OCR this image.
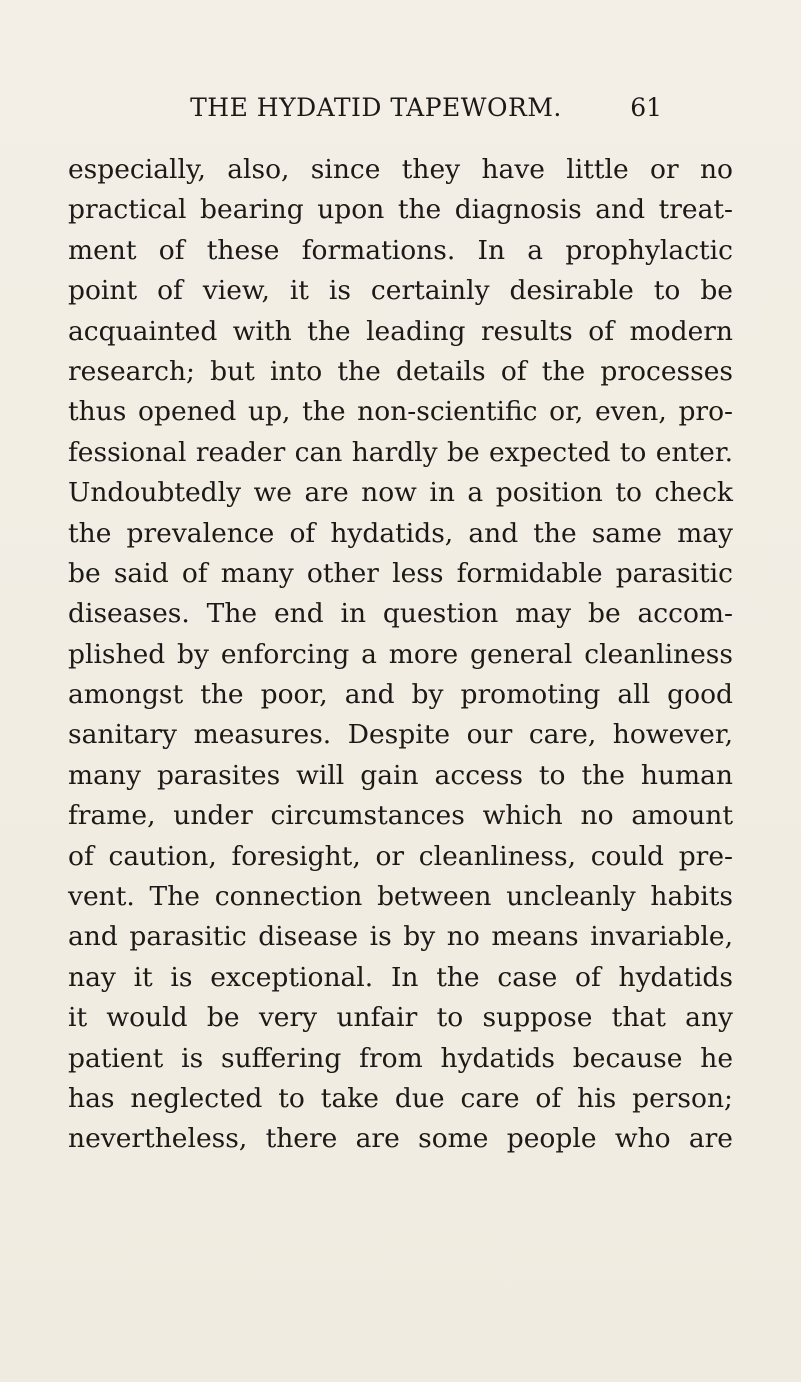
THE HYDATID TAPEWORM.	61
especially, also, since they have little or no
practical bearing upon the diagnosis and treat-
ment of these formations. In a prophylactic
point of view, it is certainly desirable to be
acquainted with the leading results of modern
research; but into the details of the processes
thus opened up, the non-scientific or, even, pro-
fessional reader can hardly be expected to enter.
Undoubtedly we are now in a position to check
the prevalence of hydatids, and the same may
be said of many other less formidable parasitic
diseases. The end in question may be accom-
plished by enforcing a more general cleanliness
amongst the poor, and by promoting all good
sanitary measures. Despite our care, however,
many parasites will gain access to the human
frame, under circumstances which no amount
of caution, foresight, or cleanliness, could pre-
vent. The connection between uncleanly habits
and parasitic disease is by no means invariable,
nay it is exceptional. In the case of hydatids
it would be very unfair to suppose that any
patient is suffering from hydatids because he
has neglected to take due care of his person;
nevertheless, there are some people who are
